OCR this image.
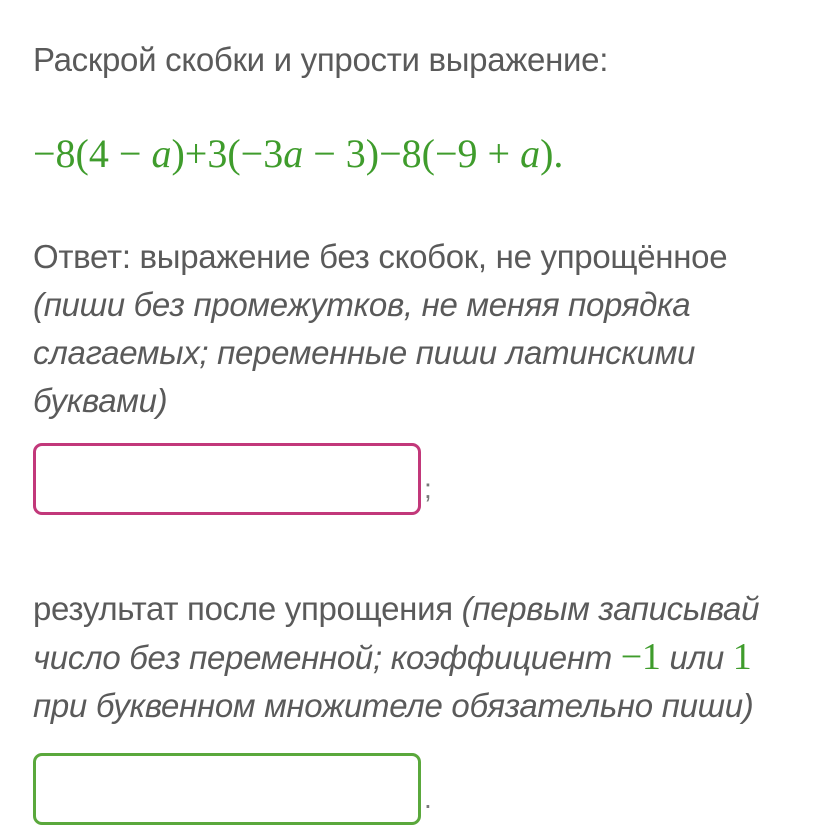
Раскрой скобки и упрости выражение:
−8(4 − a)+3(−3a − 3)−8(−9 + a).
Ответ: выражение без скобок, не упрощённое (пиши без промежутков, не меняя порядка слагаемых; переменные пиши латинскими буквами)
;
результат после упрощения (первым записывай число без переменной; коэффициент −1 или 1 при буквенном множителе обязательно пиши)
.
